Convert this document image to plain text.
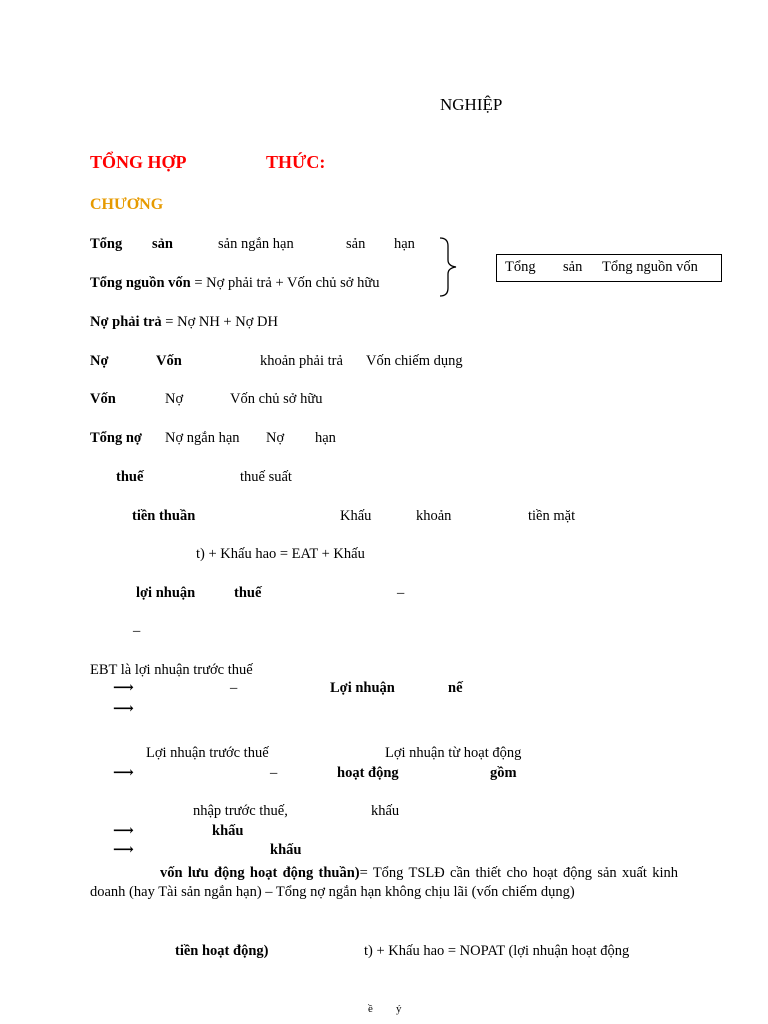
NGHIỆP
TỔNG HỢP	THỨC:
CHƯƠNG
Tổng sản	sản ngắn hạn	sản hạn
Tổng nguồn vốn = Nợ phải trả + Vốn chủ sở hữu
Tổng sản Tổng nguồn vốn
Nợ phải trả = Nợ NH + Nợ DH
Nợ	Vốn	khoản phải trả Vốn chiếm dụng
Vốn	Nợ	Vốn chủ sở hữu
Tổng nợ Nợ ngắn hạn Nợ hạn
thuế	thuế suất
tiền thuần	Khấu	khoản	tiền mặt
t) + Khấu hao = EAT + Khấu
lợi nhuận	thuế	–
–
EBT là lợi nhuận trước thuế
⟶	–	Lợi nhuận	nế
⟶
Lợi nhuận trước thuế	Lợi nhuận từ hoạt động
⟶	–	hoạt động	gồm
nhập trước thuế,	khấu
⟶	khấu
⟶	khấu
vốn lưu động hoạt động thuần)= Tổng TSLĐ cần thiết cho hoạt động sản xuất kinh doanh (hay Tài sản ngắn hạn) – Tổng nợ ngắn hạn không chịu lãi (vốn chiếm dụng)
tiền hoạt động)	t) + Khấu hao = NOPAT (lợi nhuận hoạt động
ề ý
